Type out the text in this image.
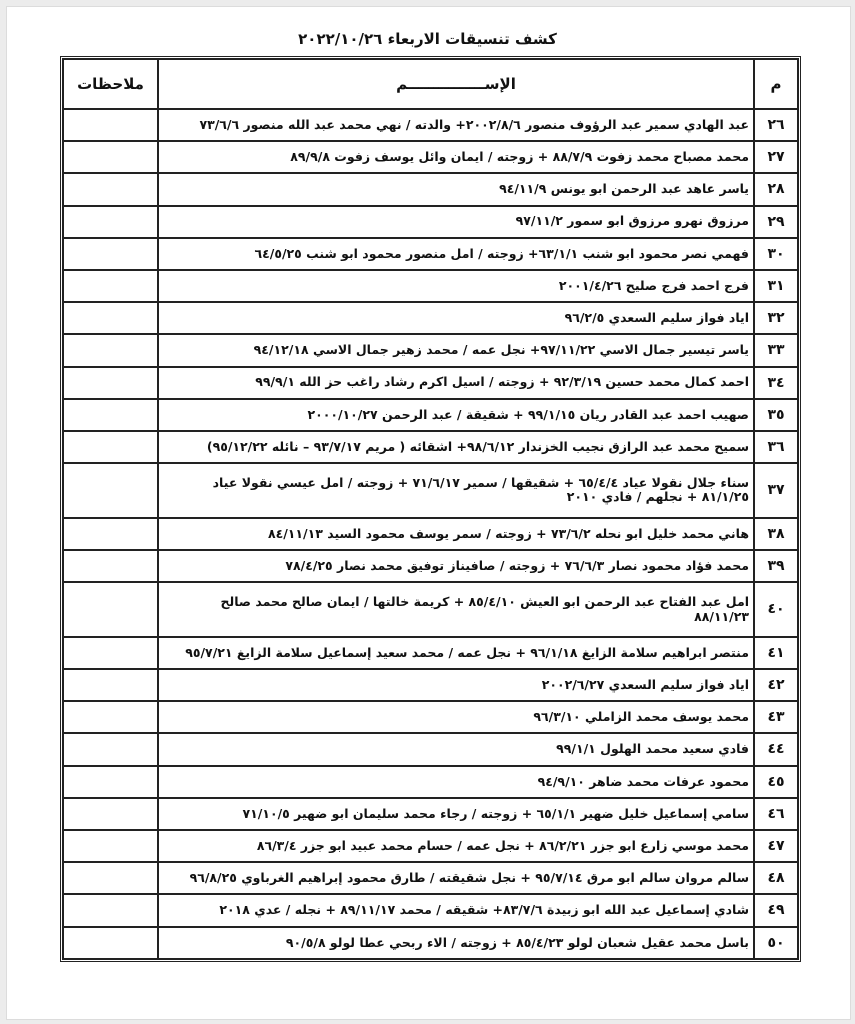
كشف تنسيقات الاربعاء ٢٠٢٢/١٠/٢٦
م	الإســـــــــــــــم	ملاحظات
٢٦	عبد الهادي سمير عبد الرؤوف منصور ٢٠٠٢/٨/٦+ والدته / نهي محمد عبد الله منصور ٧٣/٦/٦	
٢٧	محمد مصباح محمد زفوت ٨٨/٧/٩ + زوجته / ايمان وائل يوسف زفوت ٨٩/٩/٨	
٢٨	ياسر عاهد عبد الرحمن ابو يونس ٩٤/١١/٩	
٢٩	مرزوق نهرو مرزوق ابو سمور ٩٧/١١/٢	
٣٠	فهمي نصر محمود ابو شنب ٦٣/١/١+ زوجته / امل منصور محمود ابو شنب ٦٤/٥/٢٥	
٣١	فرج احمد فرج صليح ٢٠٠١/٤/٢٦	
٣٢	اياد فواز سليم السعدي ٩٦/٢/٥	
٣٣	ياسر تيسير جمال الاسي ٩٧/١١/٢٢+ نجل عمه / محمد زهير جمال الاسي ٩٤/١٢/١٨	
٣٤	احمد كمال محمد حسين ٩٢/٣/١٩ + زوجته / اسيل اكرم رشاد راغب حز الله ٩٩/٩/١	
٣٥	صهيب احمد عبد القادر ريان ٩٩/١/١٥ + شقيقة / عبد الرحمن ٢٠٠٠/١٠/٢٧	
٣٦	سميح محمد عبد الرازق نجيب الخزندار ٩٨/٦/١٢+ اشقائه ( مريم ٩٣/٧/١٧ – نائله ٩٥/١٢/٢٢)	
٣٧	سناء جلال نقولا عياد ٦٥/٤/٤ + شقيقها / سمير ٧١/٦/١٧ + زوجته / امل عيسي نقولا عياد ٨١/١/٢٥ + نجلهم / فادي ٢٠١٠	
٣٨	هاني محمد خليل ابو نحله ٧٣/٦/٢ + زوجته / سمر يوسف محمود السيد ٨٤/١١/١٣	
٣٩	محمد فؤاد محمود نصار ٧٦/٦/٣ + زوجته / صافيناز توفيق محمد نصار ٧٨/٤/٢٥	
٤٠	امل عبد الفتاح عبد الرحمن ابو العيش ٨٥/٤/١٠ + كريمة خالتها / ايمان صالح محمد صالح ٨٨/١١/٢٣	
٤١	منتصر ابراهيم سلامة الزايغ ٩٦/١/١٨ + نجل عمه / محمد سعيد إسماعيل سلامة الزايغ ٩٥/٧/٢١	
٤٢	اياد فواز سليم السعدي ٢٠٠٢/٦/٢٧	
٤٣	محمد يوسف محمد الزاملي ٩٦/٣/١٠	
٤٤	فادي سعيد محمد الهلول ٩٩/١/١	
٤٥	محمود عرفات محمد ضاهر ٩٤/٩/١٠	
٤٦	سامي إسماعيل خليل ضهير ٦٥/١/١ + زوجته / رجاء محمد سليمان ابو ضهير ٧١/١٠/٥	
٤٧	محمد موسي زارع ابو جزر ٨٦/٢/٢١ + نجل عمه / حسام محمد عبيد ابو جزر ٨٦/٣/٤	
٤٨	سالم مروان سالم ابو مرق ٩٥/٧/١٤ + نجل شقيقته / طارق محمود إبراهيم الغرباوي ٩٦/٨/٢٥	
٤٩	شادي إسماعيل عبد الله ابو زبيدة ٨٣/٧/٦+ شقيقه / محمد ٨٩/١١/١٧ + نجله / عدي ٢٠١٨	
٥٠	باسل محمد عقيل شعبان لولو ٨٥/٤/٢٣ + زوجته / الاء ربحي عطا لولو ٩٠/٥/٨	
